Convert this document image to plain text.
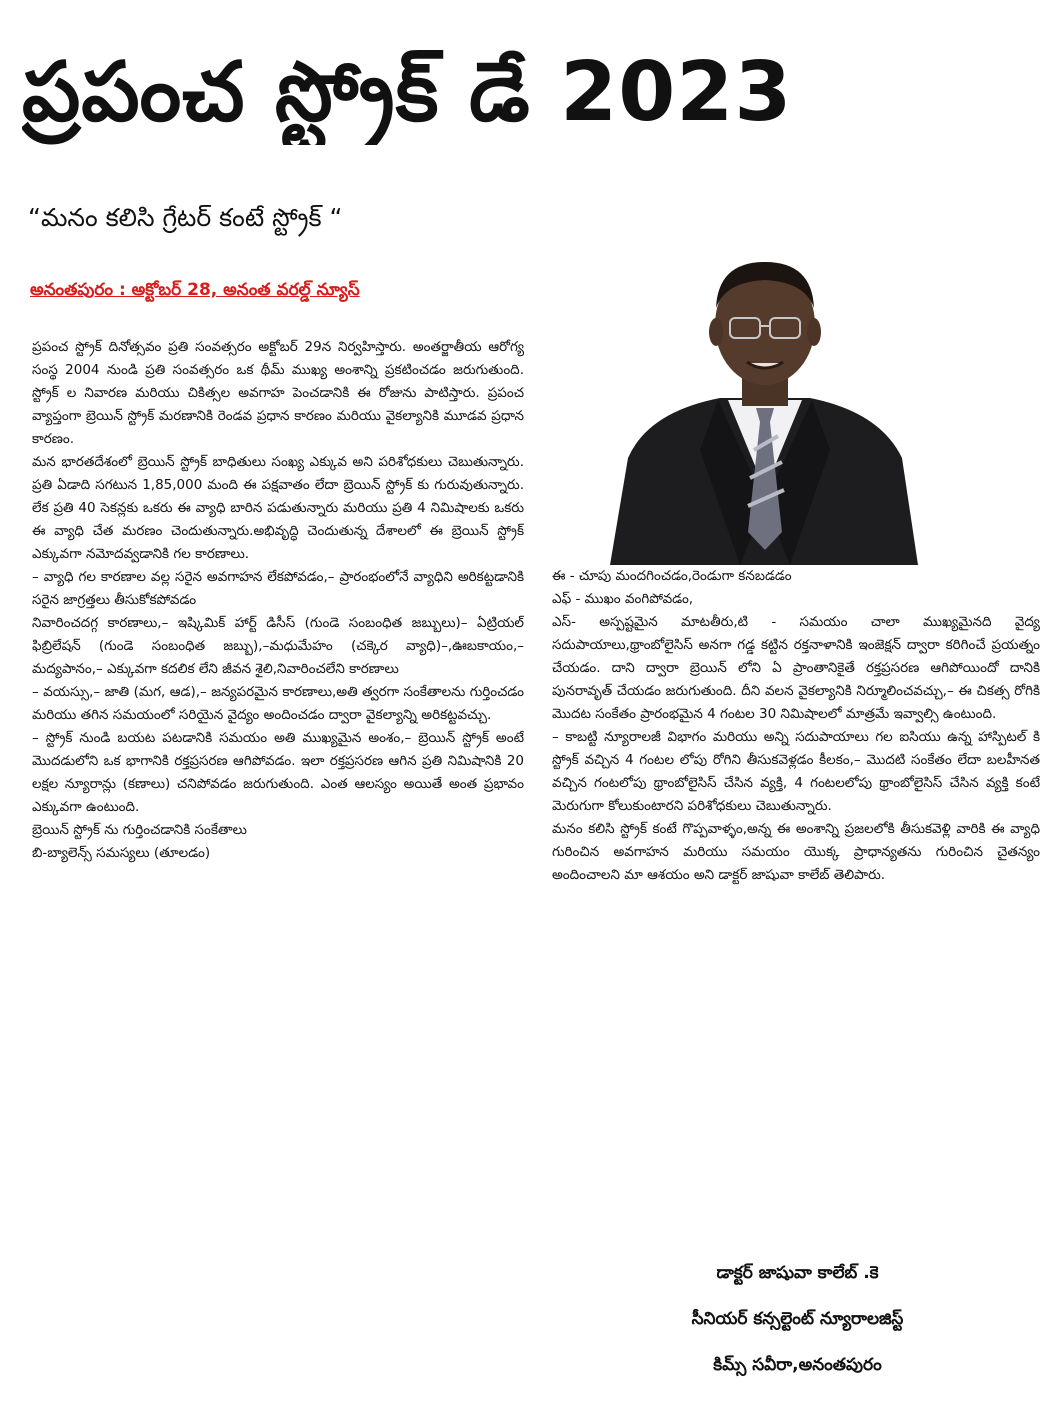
ప్రపంచ స్ట్రోక్ డే 2023
“మనం కలిసి గ్రేటర్ కంటే స్ట్రోక్ “
అనంతపురం : అక్టోబర్ 28, అనంత వరల్డ్ న్యూస్

ప్రపంచ స్ట్రోక్ దినోత్సవం ప్రతి సంవత్సరం అక్టోబర్ 29న నిర్వహిస్తారు. అంతర్జాతీయ ఆరోగ్య సంస్థ 2004 నుండి ప్రతి సంవత్సరం ఒక థీమ్ ముఖ్య అంశాన్ని ప్రకటించడం జరుగుతుంది. స్ట్రోక్ ల నివారణ మరియు చికిత్సల అవగాహ పెంచడానికి ఈ రోజును పాటిస్తారు. ప్రపంచ వ్యాప్తంగా బ్రెయిన్ స్ట్రోక్ మరణానికి రెండవ ప్రధాన కారణం మరియు వైకల్యానికి మూడవ ప్రధాన కారణం.

మన భారతదేశంలో బ్రెయిన్ స్ట్రోక్ బాధితులు సంఖ్య ఎక్కువ అని పరిశోధకులు చెబుతున్నారు. ప్రతి ఏడాది సగటున 1,85,000 మంది ఈ పక్షవాతం లేదా బ్రెయిన్ స్ట్రోక్ కు గురువుతున్నారు. లేక ప్రతి 40 సెకన్లకు ఒకరు ఈ వ్యాధి బారిన పడుతున్నారు మరియు ప్రతి 4 నిమిషాలకు ఒకరు ఈ వ్యాధి చేత మరణం చెందుతున్నారు.అభివృద్ధి చెందుతున్న దేశాలలో ఈ బ్రెయిన్ స్ట్రోక్ ఎక్కువగా నమోదవ్వడానికి గల కారణాలు.

– వ్యాధి గల కారణాల వల్ల సరైన అవగాహన లేకపోవడం,– ప్రారంభంలోనే వ్యాధిని అరికట్టడానికి సరైన జాగ్రత్తలు తీసుకోకపోవడం

నివారించదగ్గ కారణాలు,– ఇష్కిమిక్ హార్ట్ డిసీస్ (గుండె సంబంధిత జబ్బులు)– ఏట్రియల్ ఫిబ్రిలేషన్ (గుండె సంబంధిత జబ్బు),–మధుమేహం (చక్కెర వ్యాధి)–,ఊబకాయం,– మద్యపానం,– ఎక్కువగా కదలిక లేని జీవన శైలి,నివారించలేని కారణాలు

– వయస్సు,– జాతి (మగ, ఆడ),– జన్యపరమైన కారణాలు,అతి త్వరగా సంకేతాలను గుర్తించడం మరియు తగిన సమయంలో సరియైన వైద్యం అందించడం ద్వారా వైకల్యాన్ని అరికట్టవచ్చు.

– స్ట్రోక్ నుండి బయట పటడానికి సమయం అతి ముఖ్యమైన అంశం,– బ్రెయిన్ స్ట్రోక్ అంటే మొదడులోని ఒక భాగానికి రక్తప్రసరణ ఆగిపోవడం. ఇలా రక్తప్రసరణ ఆగిన ప్రతి నిమిషానికి 20 లక్షల న్యూరాన్లు (కణాలు) చనిపోవడం జరుగుతుంది. ఎంత ఆలస్యం అయితే అంత ప్రభావం ఎక్కువగా ఉంటుంది.

బ్రెయిన్ స్ట్రోక్ ను గుర్తించడానికి సంకేతాలు

బి-బ్యాలెన్స్ సమస్యలు (తూలడం)

ఈ - చూపు మందగించడం,రెండుగా కనబడడం

ఎఫ్ - ముఖం వంగిపోవడం,

ఎస్- అస్పష్టమైన మాటతీరు,టి - సమయం చాలా ముఖ్యమైనది వైద్య సదుపాయాలు,థ్రాంబోలైసిస్ అనగా గడ్డ కట్టిన రక్తనాళానికి ఇంజెక్షన్ ద్వారా కరిగించే ప్రయత్నం చేయడం. దాని ద్వారా బ్రెయిన్ లోని ఏ ప్రాంతానికైతే రక్తప్రసరణ ఆగిపోయిందో దానికి పునరావృత్ చేయడం జరుగుతుంది. దీని వలన వైకల్యానికి నిర్మూలించవచ్చు,– ఈ చికత్స రోగికి మొదట సంకేతం ప్రారంభమైన 4 గంటల 30 నిమిషాలలో మాత్రమే ఇవ్వాల్సి ఉంటుంది.

– కాబట్టి న్యూరాలజీ విభాగం మరియు అన్ని సదుపాయాలు గల ఐసియు ఉన్న హాస్పిటల్ కి స్ట్రోక్ వచ్చిన 4 గంటల లోపు రోగిని తీసుకవెళ్లడం కీలకం,– మొదటి సంకేతం లేదా బలహీనత వచ్చిన గంటలోపు థ్రాంబోలైసిస్ చేసిన వ్యక్తి, 4 గంటలలోపు థ్రాంబోలైసిస్ చేసిన వ్యక్తి కంటే మెరుగుగా కోలుకుంటారని పరిశోధకులు చెబుతున్నారు.

మనం కలిసి స్ట్రోక్ కంటే గొప్పవాళ్ళం,అన్న ఈ అంశాన్ని ప్రజలలోకి తీసుకవెళ్లి వారికి ఈ వ్యాధి గురించిన అవగాహన మరియు సమయం యొక్క ప్రాధాన్యతను గురించిన చైతన్యం అందించాలని మా ఆశయం అని డాక్టర్ జాషువా కాలేబ్ తెలిపారు.

డాక్టర్ జాషువా కాలేబ్ .కె
సీనియర్ కన్సల్టెంట్ న్యూరాలజిస్ట్
కిమ్స్ సవీరా,అనంతపురం
